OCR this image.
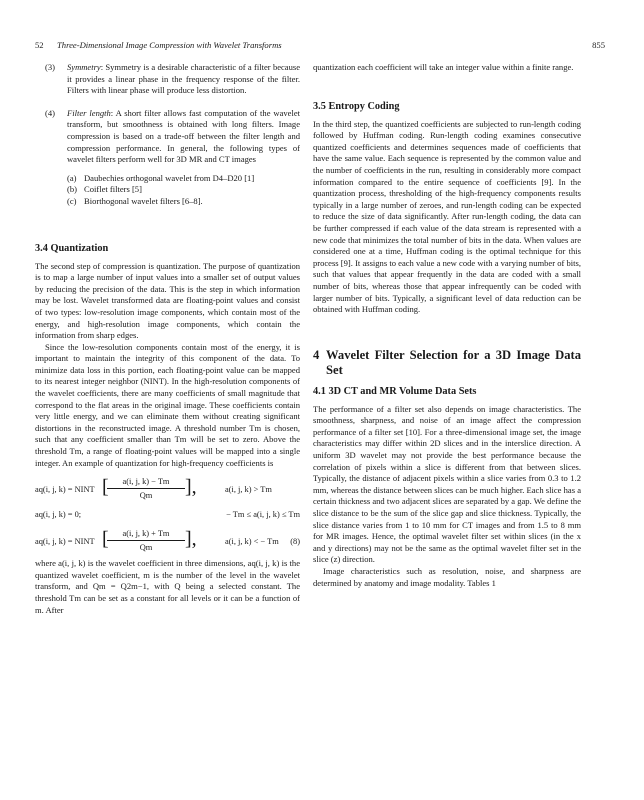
52 Three-Dimensional Image Compression with Wavelet Transforms	855
(3)	Symmetry: Symmetry is a desirable characteristic of a filter because it provides a linear phase in the frequency response of the filter. Filters with linear phase will produce less distortion.
(4)	Filter length: A short filter allows fast computation of the wavelet transform, but smoothness is obtained with long filters. Image compression is based on a trade-off between the filter length and compression performance. In general, the following types of wavelet filters perform well for 3D MR and CT images
(a) Daubechies orthogonal wavelet from D4–D20 [1]
(b) Coiflet filters [5]
(c) Biorthogonal wavelet filters [6–8].
3.4 Quantization

The second step of compression is quantization. The purpose of quantization is to map a large number of input values into a smaller set of output values by reducing the precision of the data. This is the step in which information may be lost. Wavelet transformed data are floating-point values and consist of two types: low-resolution image components, which contain most of the energy, and high-resolution image components, which contain the information from sharp edges.

Since the low-resolution components contain most of the energy, it is important to maintain the integrity of this component of the data. To minimize data loss in this portion, each floating-point value can be mapped to its nearest integer neighbor (NINT). In the high-resolution components of the wavelet coefficients, there are many coefficients of small magnitude that correspond to the flat areas in the original image. These coefficients contain very little energy, and we can eliminate them without creating significant distortions in the reconstructed image. A threshold number Tm is chosen, such that any coefficient smaller than Tm will be set to zero. Above the threshold Tm, a range of floating-point values will be mapped into a single integer. An example of quantization for high-frequency coefficients is

aq(i, j, k) = NINT [
$\frac{a(i, j, k) - Tm}{Qm}$ ],	a(i, j, k) > Tm
aq(i, j, k) = 0;	− Tm ≤ a(i, j, k) ≤ Tm
aq(i, j, k) = NINT [
$\frac{a(i, j, k) + Tm}{Qm}$ ],	a(i, j, k) < − Tm (8)

where a(i, j, k) is the wavelet coefficient in three dimensions, aq(i, j, k) is the quantized wavelet coefficient, m is the number of the level in the wavelet transform, and Qm = Q2m−1, with Q being a selected constant. The threshold Tm can be set as a constant for all levels or it can be a function of m. After

quantization each coefficient will take an integer value within a finite range.

3.5 Entropy Coding

In the third step, the quantized coefficients are subjected to run-length coding followed by Huffman coding. Run-length coding examines consecutive quantized coefficients and determines sequences made of coefficients that have the same value. Each sequence is represented by the common value and the number of coefficients in the run, resulting in considerably more compact information compared to the entire sequence of coefficients [9]. In the quantization process, thresholding of the high-frequency components results typically in a large number of zeroes, and run-length coding can be expected to reduce the size of data significantly. After run-length coding, the data can be further compressed if each value of the data stream is represented with a new code that minimizes the total number of bits in the data. When values are considered one at a time, Huffman coding is the optimal technique for this process [9]. It assigns to each value a new code with a varying number of bits, such that values that appear frequently in the data are coded with a small number of bits, whereas those that appear infrequently can be coded with larger number of bits. Typically, a significant level of data reduction can be obtained with Huffman coding.

4 Wavelet Filter Selection for a 3D Image Data Set
4.1 3D CT and MR Volume Data Sets

The performance of a filter set also depends on image characteristics. The smoothness, sharpness, and noise of an image affect the compression performance of a filter set [10]. For a three-dimensional image set, the image characteristics may differ within 2D slices and in the interslice direction. A uniform 3D wavelet may not provide the best performance because the correlation of pixels within a slice is different from that between slices. Typically, the distance of adjacent pixels within a slice varies from 0.3 to 1.2 mm, whereas the distance between slices can be much higher. Each slice has a certain thickness and two adjacent slices are separated by a gap. We define the slice distance to be the sum of the slice gap and slice thickness. Typically, the slice distance varies from 1 to 10 mm for CT images and from 1.5 to 8 mm for MR images. Hence, the optimal wavelet filter set within slices (in the x and y directions) may not be the same as the optimal wavelet filter set in the slice (z) direction.

Image characteristics such as resolution, noise, and sharpness are determined by anatomy and image modality. Tables 1
